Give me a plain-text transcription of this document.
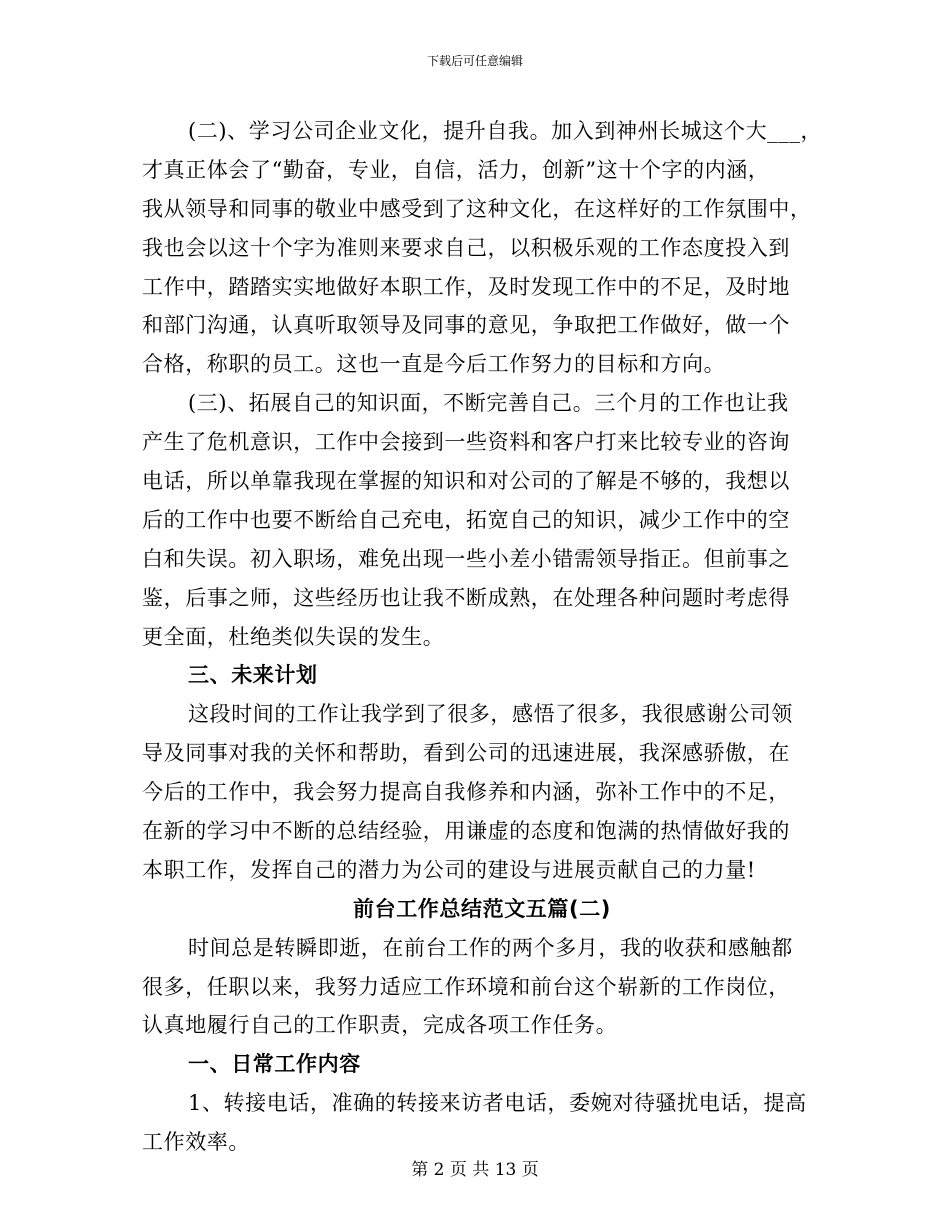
下载后可任意编辑
(二)、学习公司企业文化，提升自我。加入到神州长城这个大___，
才真正体会了“勤奋，专业，自信，活力，创新”这十个字的内涵，
我从领导和同事的敬业中感受到了这种文化，在这样好的工作氛围中，
我也会以这十个字为准则来要求自己，以积极乐观的工作态度投入到
工作中，踏踏实实地做好本职工作，及时发现工作中的不足，及时地
和部门沟通，认真听取领导及同事的意见，争取把工作做好，做一个
合格，称职的员工。这也一直是今后工作努力的目标和方向。
(三)、拓展自己的知识面，不断完善自己。三个月的工作也让我
产生了危机意识，工作中会接到一些资料和客户打来比较专业的咨询
电话，所以单靠我现在掌握的知识和对公司的了解是不够的，我想以
后的工作中也要不断给自己充电，拓宽自己的知识，减少工作中的空
白和失误。初入职场，难免出现一些小差小错需领导指正。但前事之
鉴，后事之师，这些经历也让我不断成熟，在处理各种问题时考虑得
更全面，杜绝类似失误的发生。
三、未来计划
这段时间的工作让我学到了很多，感悟了很多，我很感谢公司领
导及同事对我的关怀和帮助，看到公司的迅速进展，我深感骄傲，在
今后的工作中，我会努力提高自我修养和内涵，弥补工作中的不足，
在新的学习中不断的总结经验，用谦虚的态度和饱满的热情做好我的
本职工作，发挥自己的潜力为公司的建设与进展贡献自己的力量!
前台工作总结范文五篇(二)
时间总是转瞬即逝，在前台工作的两个多月，我的收获和感触都
很多，任职以来，我努力适应工作环境和前台这个崭新的工作岗位，
认真地履行自己的工作职责，完成各项工作任务。
一、日常工作内容
1、转接电话，准确的转接来访者电话，委婉对待骚扰电话，提高
工作效率。
第 2 页 共 13 页
